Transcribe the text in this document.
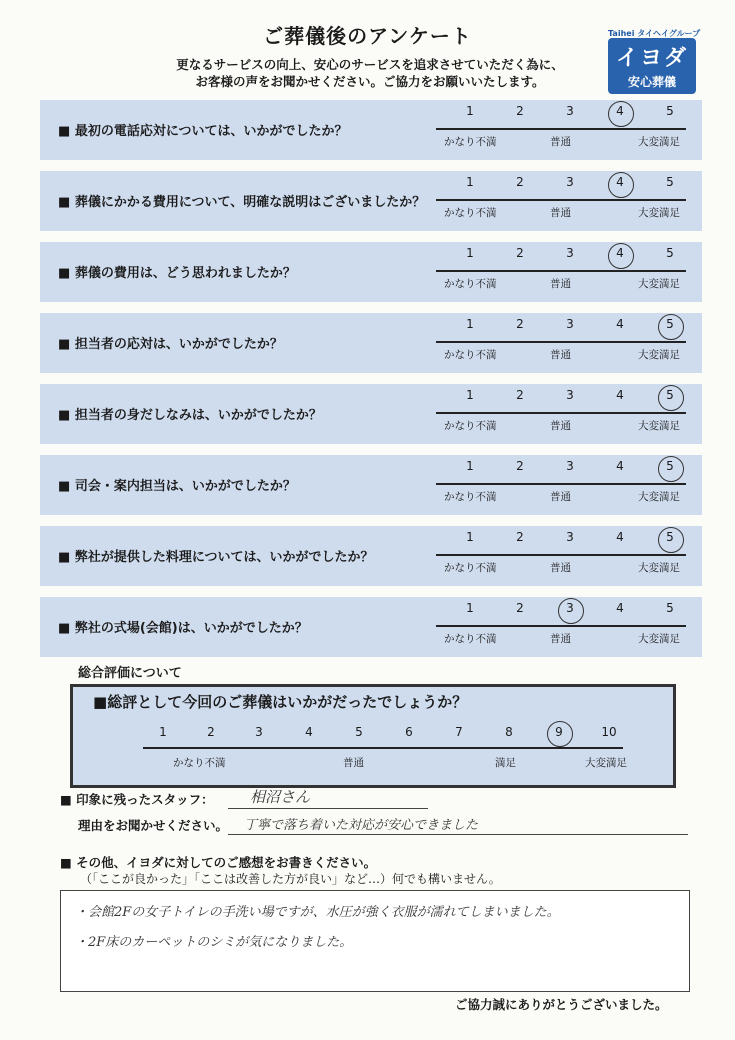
ご葬儀後のアンケート
更なるサービスの向上、安心のサービスを追求させていただく為に、
お客様の声をお聞かせください。ご協力をお願いいたします。
Taihei タイヘイグループ
イヨダ
安心葬儀
■ 最初の電話応対については、いかがでしたか？
1	2	3	4	5
かなり不満	普通	大変満足
■ 葬儀にかかる費用について、明確な説明はございましたか？
1	2	3	4	5
かなり不満	普通	大変満足
■ 葬儀の費用は、どう思われましたか？
1	2	3	4	5
かなり不満	普通	大変満足
■ 担当者の応対は、いかがでしたか？
1	2	3	4	5
かなり不満	普通	大変満足
■ 担当者の身だしなみは、いかがでしたか？
1	2	3	4	5
かなり不満	普通	大変満足
■ 司会・案内担当は、いかがでしたか？
1	2	3	4	5
かなり不満	普通	大変満足
■ 弊社が提供した料理については、いかがでしたか？
1	2	3	4	5
かなり不満	普通	大変満足
■ 弊社の式場(会館)は、いかがでしたか？
1	2	3	4	5
かなり不満	普通	大変満足
総合評価について
■ 総評として今回のご葬儀はいかがだったでしょうか？
1	2	3	4	5	6	7	8	9	10
かなり不満	普通	満足	大変満足
■ 印象に残ったスタッフ： 相沼さん
理由をお聞かせください。 丁寧で落ち着いた対応が安心できました
■ その他、イヨダに対してのご感想をお書きください。
（「ここが良かった」「ここは改善した方が良い」など…）何でも構いません。
・会館2Fの女子トイレの手洗い場ですが、水圧が強く衣服が濡れてしまいました。
・2F床のカーペットのシミが気になりました。
ご協力誠にありがとうございました。
